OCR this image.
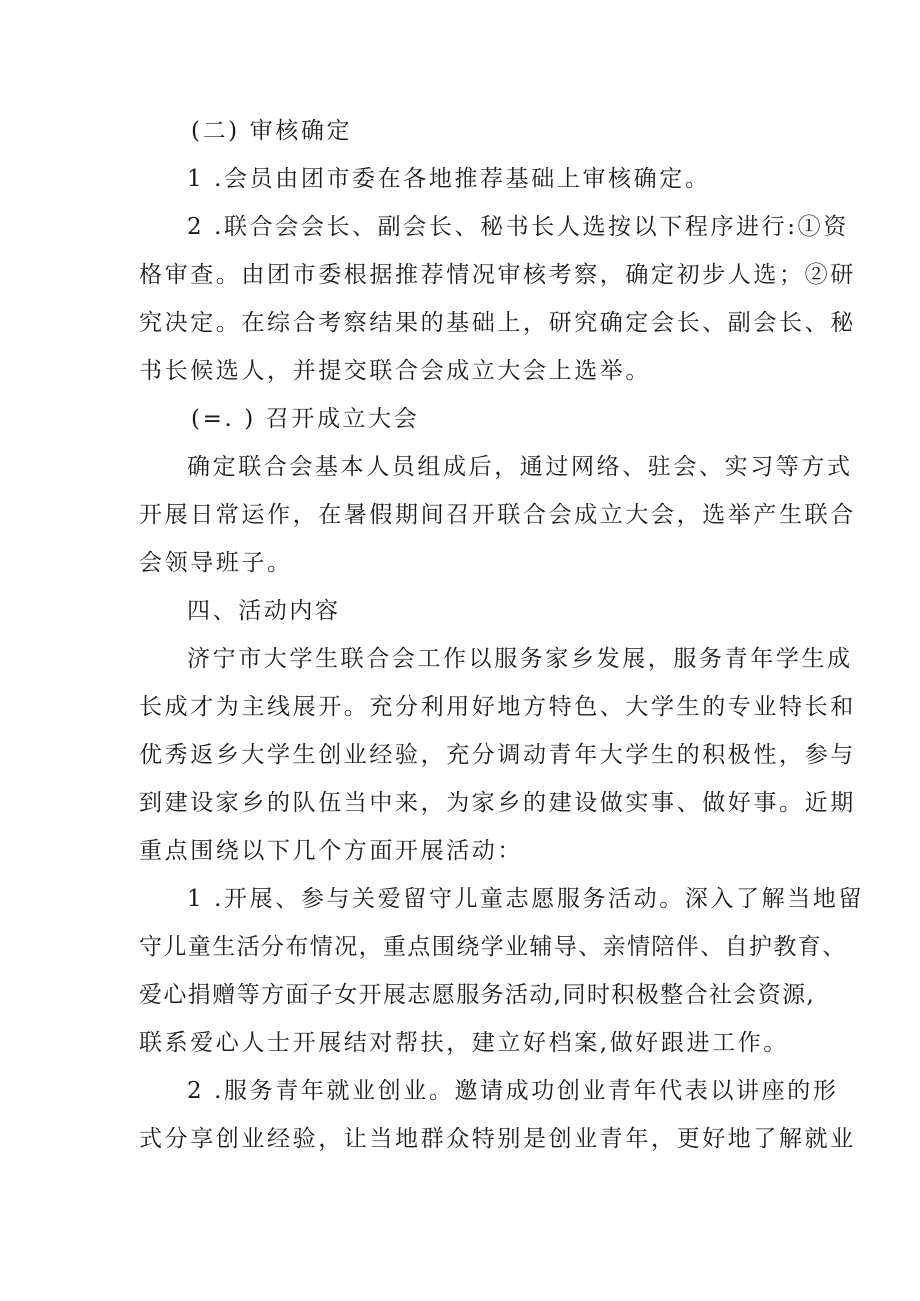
(二) 审核确定
1 .会员由团市委在各地推荐基础上审核确定。
2 .联合会会长、副会长、秘书长人选按以下程序进行:①资
格审查。由团市委根据推荐情况审核考察，确定初步人选；②研
究决定。在综合考察结果的基础上，研究确定会长、副会长、秘
书长候选人，并提交联合会成立大会上选举。
(=. ) 召开成立大会
确定联合会基本人员组成后，通过网络、驻会、实习等方式
开展日常运作，在暑假期间召开联合会成立大会，选举产生联合
会领导班子。
四、活动内容
济宁市大学生联合会工作以服务家乡发展，服务青年学生成
长成才为主线展开。充分利用好地方特色、大学生的专业特长和
优秀返乡大学生创业经验，充分调动青年大学生的积极性，参与
到建设家乡的队伍当中来，为家乡的建设做实事、做好事。近期
重点围绕以下几个方面开展活动：
1 .开展、参与关爱留守儿童志愿服务活动。深入了解当地留
守儿童生活分布情况，重点围绕学业辅导、亲情陪伴、自护教育、
爱心捐赠等方面子女开展志愿服务活动,同时积极整合社会资源,
联系爱心人士开展结对帮扶，建立好档案,做好跟进工作。
2 .服务青年就业创业。邀请成功创业青年代表以讲座的形
式分享创业经验，让当地群众特别是创业青年，更好地了解就业
